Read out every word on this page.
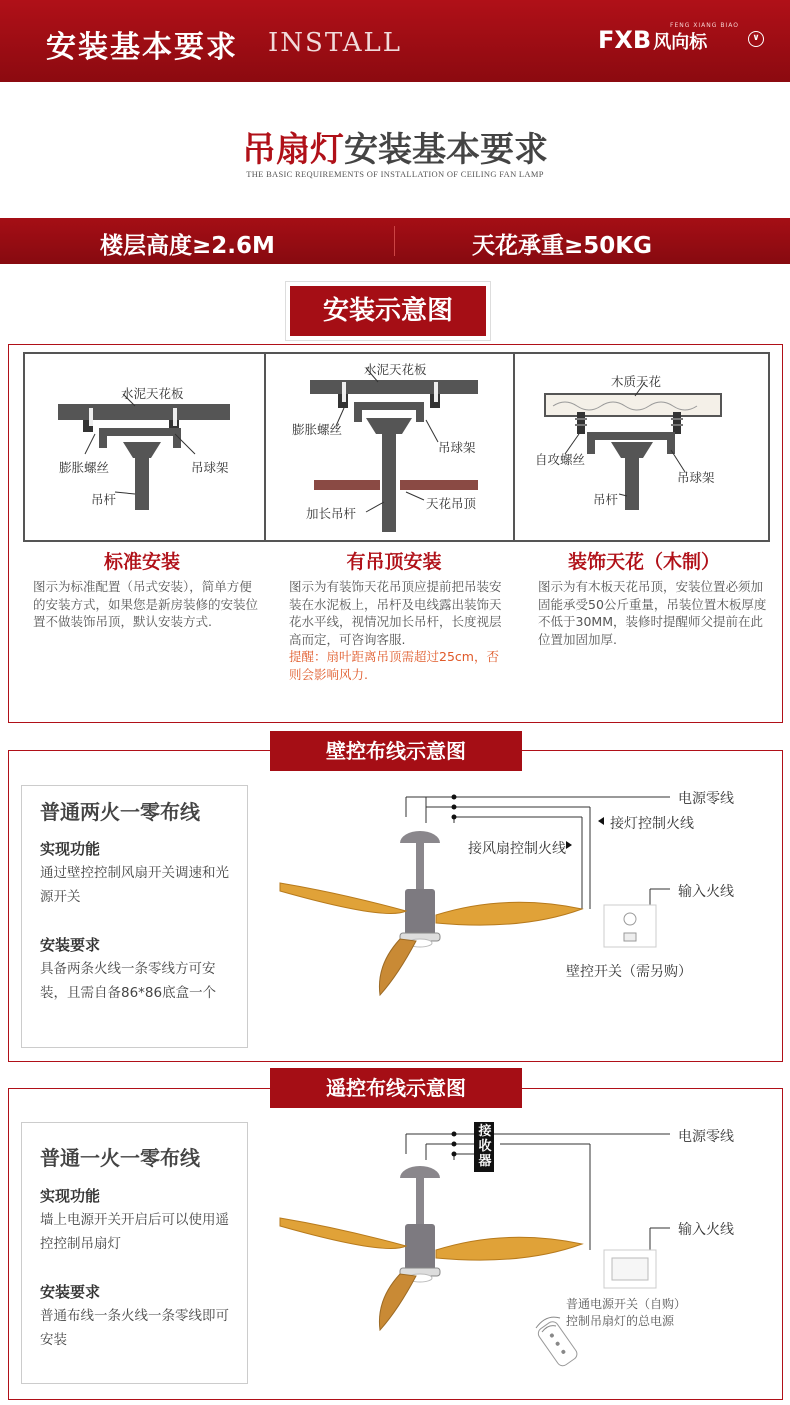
安装基本要求 INSTALL	FXB 风向标
FENG XIANG BIAO
∨
吊扇灯安装基本要求
THE BASIC REQUIREMENTS OF INSTALLATION OF CEILING FAN LAMP
楼层高度≥2.6M	天花承重≥50KG
安装示意图
水泥天花板
膨胀螺丝	吊球架
吊杆
水泥天花板
膨胀螺丝
吊球架
加长吊杆
天花吊顶
木质天花
自攻螺丝
吊球架
吊杆
标准安装	有吊顶安装	装饰天花（木制）
图示为标准配置（吊式安装），简单方便的安装方式，如果您是新房装修的安装位置不做装饰吊顶，默认安装方式.
图示为有装饰天花吊顶应提前把吊装安装在水泥板上，吊杆及电线露出装饰天花水平线，视情况加长吊杆，长度视层高而定，可咨询客服.
提醒：扇叶距离吊顶需超过25cm，否则会影响风力.
图示为有木板天花吊顶，安装位置必须加固能承受50公斤重量，吊装位置木板厚度不低于30MM，装修时提醒师父提前在此位置加固加厚.
壁控布线示意图
普通两火一零布线
实现功能
通过壁控控制风扇开关调速和光源开关
安装要求
具备两条火线一条零线方可安装，且需自备86*86底盒一个
电源零线
接灯控制火线
接风扇控制火线
输入火线
壁控开关（需另购）
遥控布线示意图
普通一火一零布线
实现功能
墙上电源开关开启后可以使用遥控控制吊扇灯
安装要求
普通布线一条火线一条零线即可安装
接收器
电源零线
输入火线
普通电源开关（自购）
控制吊扇灯的总电源
